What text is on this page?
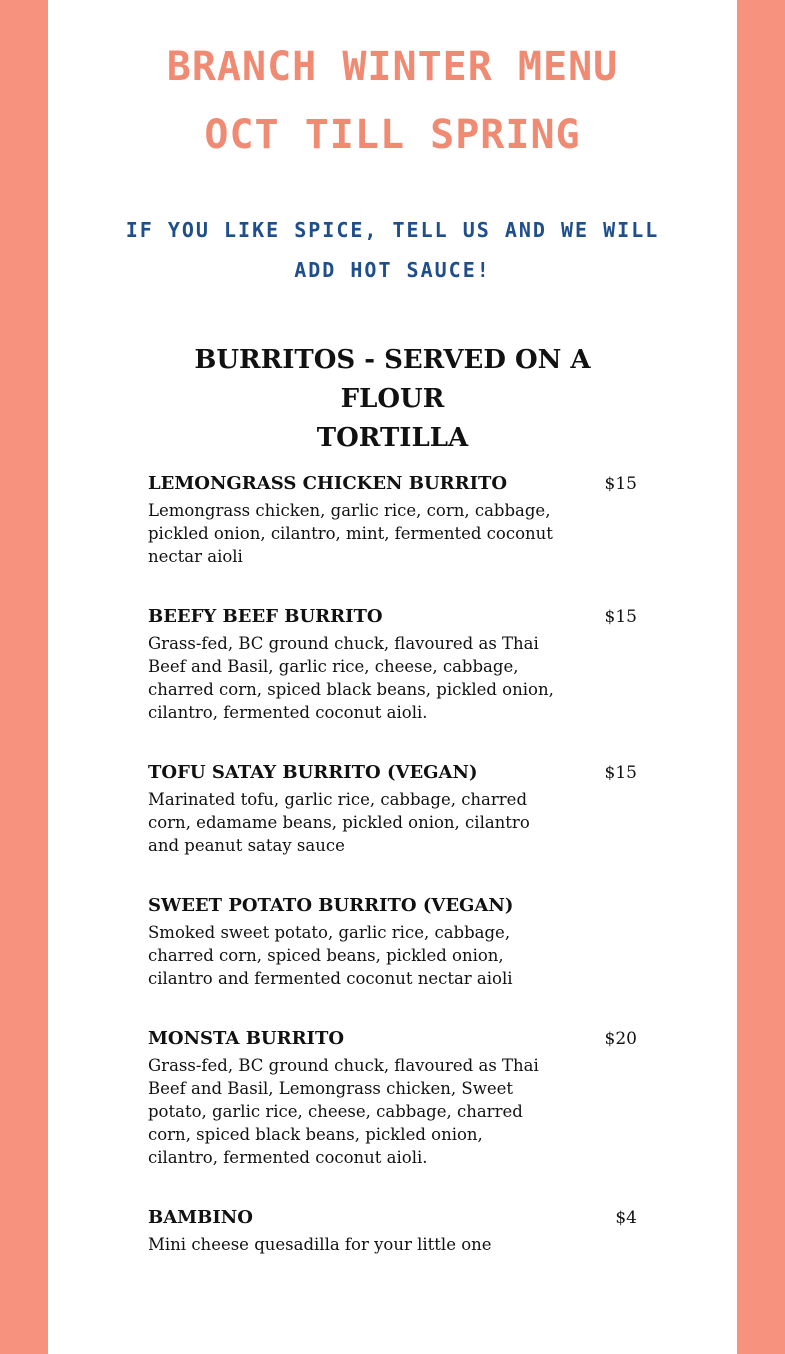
BRANCH WINTER MENU
OCT TILL SPRING

IF YOU LIKE SPICE, TELL US AND WE WILL
ADD HOT SAUCE!

BURRITOS - SERVED ON A FLOUR
TORTILLA
LEMONGRASS CHICKEN BURRITO	$15
Lemongrass chicken, garlic rice, corn, cabbage,
pickled onion, cilantro, mint, fermented coconut
nectar aioli
BEEFY BEEF BURRITO	$15
Grass-fed, BC ground chuck, flavoured as Thai
Beef and Basil, garlic rice, cheese, cabbage,
charred corn, spiced black beans, pickled onion,
cilantro, fermented coconut aioli.
TOFU SATAY BURRITO (VEGAN)	$15
Marinated tofu, garlic rice, cabbage, charred
corn, edamame beans, pickled onion, cilantro
and peanut satay sauce
SWEET POTATO BURRITO (VEGAN)
Smoked sweet potato, garlic rice, cabbage,
charred corn, spiced beans, pickled onion,
cilantro and fermented coconut nectar aioli
MONSTA BURRITO	$20
Grass-fed, BC ground chuck, flavoured as Thai
Beef and Basil, Lemongrass chicken, Sweet
potato, garlic rice, cheese, cabbage, charred
corn, spiced black beans, pickled onion,
cilantro, fermented coconut aioli.
BAMBINO	$4
Mini cheese quesadilla for your little one
